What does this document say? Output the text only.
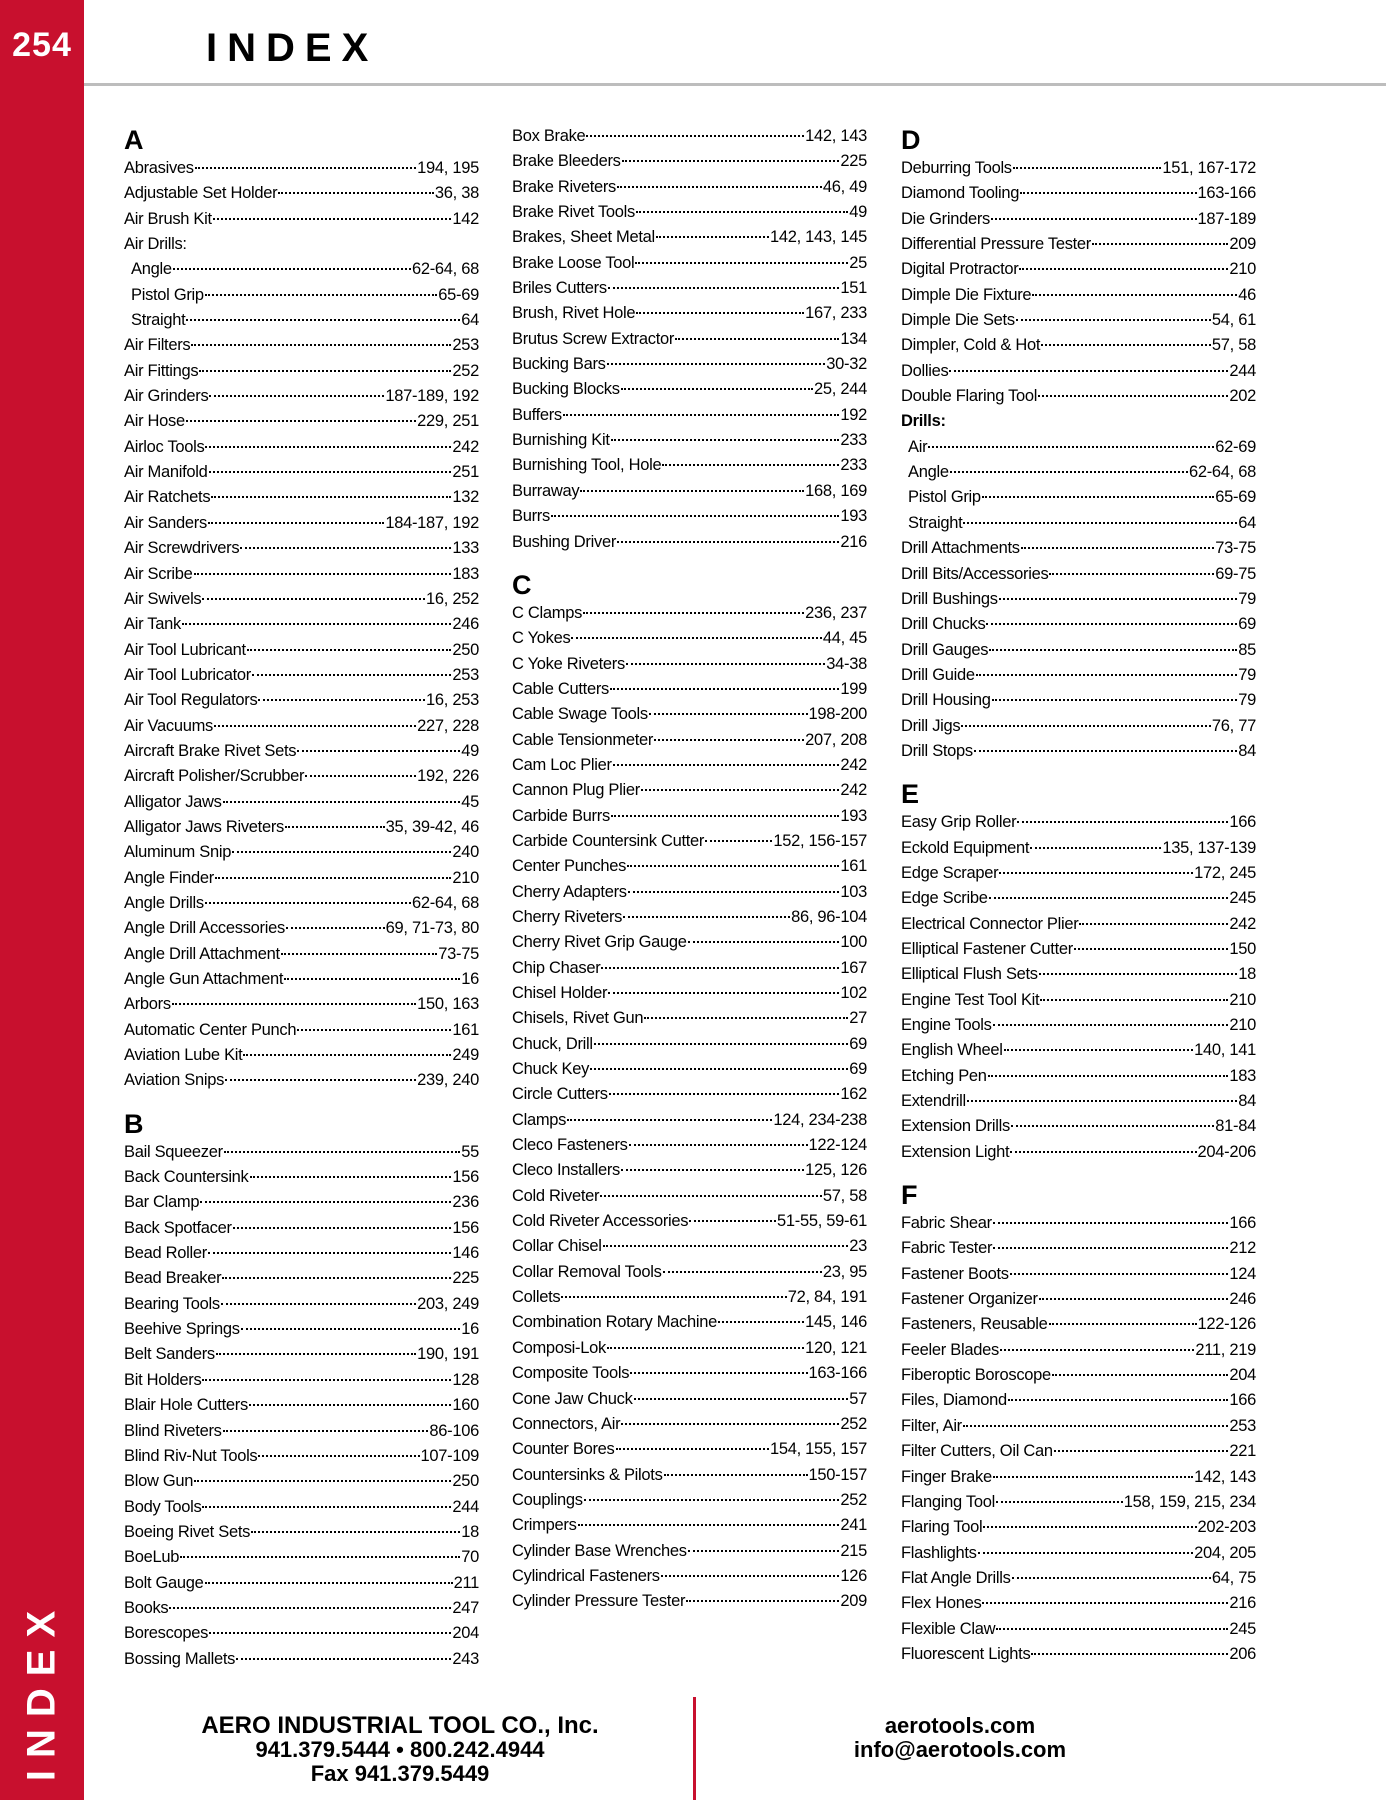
254
INDEX
INDEX
A
Abrasives	194, 195
Adjustable Set Holder	36, 38
Air Brush Kit	142
Air Drills:
Angle	62-64, 68
Pistol Grip	65-69
Straight	64
Air Filters	253
Air Fittings	252
Air Grinders	187-189, 192
Air Hose	229, 251
Airloc Tools	242
Air Manifold	251
Air Ratchets	132
Air Sanders	184-187, 192
Air Screwdrivers	133
Air Scribe	183
Air Swivels	16, 252
Air Tank	246
Air Tool Lubricant	250
Air Tool Lubricator	253
Air Tool Regulators	16, 253
Air Vacuums	227, 228
Aircraft Brake Rivet Sets	49
Aircraft Polisher/Scrubber	192, 226
Alligator Jaws	45
Alligator Jaws Riveters	35, 39-42, 46
Aluminum Snip	240
Angle Finder	210
Angle Drills	62-64, 68
Angle Drill Accessories	69, 71-73, 80
Angle Drill Attachment	73-75
Angle Gun Attachment	16
Arbors	150, 163
Automatic Center Punch	161
Aviation Lube Kit	249
Aviation Snips	239, 240
B
Bail Squeezer	55
Back Countersink	156
Bar Clamp	236
Back Spotfacer	156
Bead Roller	146
Bead Breaker	225
Bearing Tools	203, 249
Beehive Springs	16
Belt Sanders	190, 191
Bit Holders	128
Blair Hole Cutters	160
Blind Riveters	86-106
Blind Riv-Nut Tools	107-109
Blow Gun	250
Body Tools	244
Boeing Rivet Sets	18
BoeLub	70
Bolt Gauge	211
Books	247
Borescopes	204
Bossing Mallets	243
Box Brake	142, 143
Brake Bleeders	225
Brake Riveters	46, 49
Brake Rivet Tools	49
Brakes, Sheet Metal	142, 143, 145
Brake Loose Tool	25
Briles Cutters	151
Brush, Rivet Hole	167, 233
Brutus Screw Extractor	134
Bucking Bars	30-32
Bucking Blocks	25, 244
Buffers	192
Burnishing Kit	233
Burnishing Tool, Hole	233
Burraway	168, 169
Burrs	193
Bushing Driver	216
C
C Clamps	236, 237
C Yokes	44, 45
C Yoke Riveters	34-38
Cable Cutters	199
Cable Swage Tools	198-200
Cable Tensionmeter	207, 208
Cam Loc Plier	242
Cannon Plug Plier	242
Carbide Burrs	193
Carbide Countersink Cutter	152, 156-157
Center Punches	161
Cherry Adapters	103
Cherry Riveters	86, 96-104
Cherry Rivet Grip Gauge	100
Chip Chaser	167
Chisel Holder	102
Chisels, Rivet Gun	27
Chuck, Drill	69
Chuck Key	69
Circle Cutters	162
Clamps	124, 234-238
Cleco Fasteners	122-124
Cleco Installers	125, 126
Cold Riveter	57, 58
Cold Riveter Accessories	51-55, 59-61
Collar Chisel	23
Collar Removal Tools	23, 95
Collets	72, 84, 191
Combination Rotary Machine	145, 146
Composi-Lok	120, 121
Composite Tools	163-166
Cone Jaw Chuck	57
Connectors, Air	252
Counter Bores	154, 155, 157
Countersinks & Pilots	150-157
Couplings	252
Crimpers	241
Cylinder Base Wrenches	215
Cylindrical Fasteners	126
Cylinder Pressure Tester	209
D
Deburring Tools	151, 167-172
Diamond Tooling	163-166
Die Grinders	187-189
Differential Pressure Tester	209
Digital Protractor	210
Dimple Die Fixture	46
Dimple Die Sets	54, 61
Dimpler, Cold & Hot	57, 58
Dollies	244
Double Flaring Tool	202
Drills:
Air	62-69
Angle	62-64, 68
Pistol Grip	65-69
Straight	64
Drill Attachments	73-75
Drill Bits/Accessories	69-75
Drill Bushings	79
Drill Chucks	69
Drill Gauges	85
Drill Guide	79
Drill Housing	79
Drill Jigs	76, 77
Drill Stops	84
E
Easy Grip Roller	166
Eckold Equipment	135, 137-139
Edge Scraper	172, 245
Edge Scribe	245
Electrical Connector Plier	242
Elliptical Fastener Cutter	150
Elliptical Flush Sets	18
Engine Test Tool Kit	210
Engine Tools	210
English Wheel	140, 141
Etching Pen	183
Extendrill	84
Extension Drills	81-84
Extension Light	204-206
F
Fabric Shear	166
Fabric Tester	212
Fastener Boots	124
Fastener Organizer	246
Fasteners, Reusable	122-126
Feeler Blades	211, 219
Fiberoptic Boroscope	204
Files, Diamond	166
Filter, Air	253
Filter Cutters, Oil Can	221
Finger Brake	142, 143
Flanging Tool	158, 159, 215, 234
Flaring Tool	202-203
Flashlights	204, 205
Flat Angle Drills	64, 75
Flex Hones	216
Flexible Claw	245
Fluorescent Lights	206
AERO INDUSTRIAL TOOL CO., Inc.
941.379.5444 • 800.242.4944
Fax 941.379.5449
aerotools.com
info@aerotools.com
